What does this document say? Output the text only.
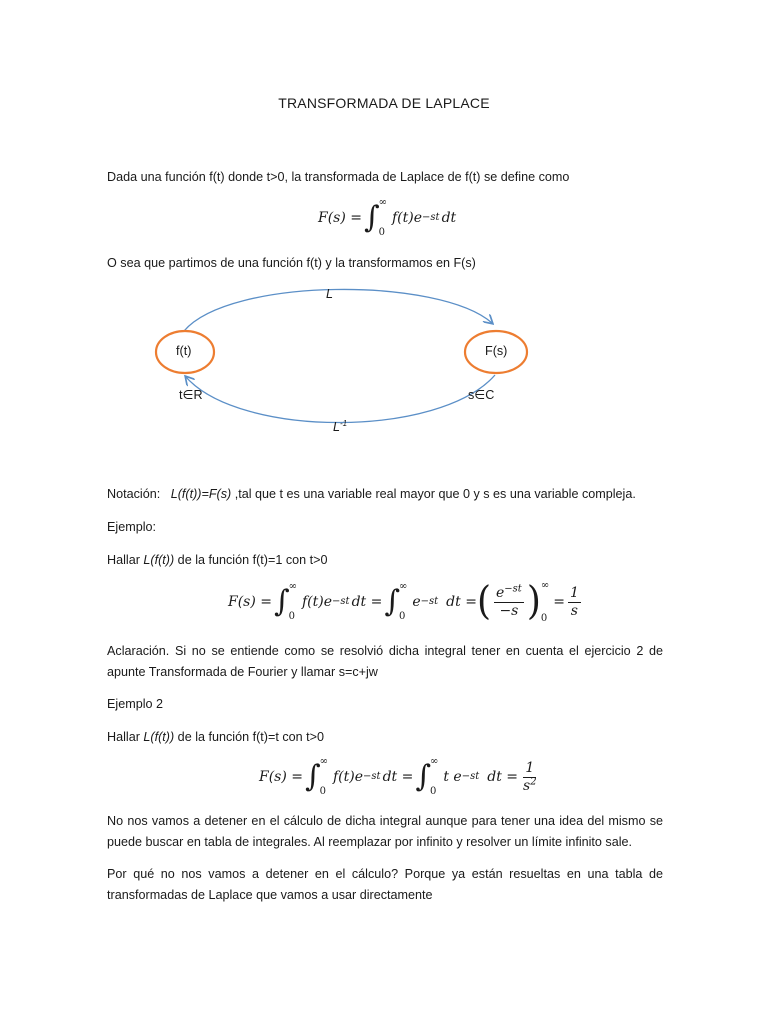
TRANSFORMADA DE LAPLACE
Dada una función f(t) donde t>0, la transformada de Laplace de f(t) se define como
F(s) = ∫ ∞
0
f(t)e −st dt
O sea que partimos de una función f(t) y la transformamos en F(s)
f(t)	F(s)
L
$L^{-1}$
t∈R	s∈C
Notación: L(f(t))=F(s) ,tal que t es una variable real mayor que 0 y s es una variable compleja.
Ejemplo:
Hallar L(f(t)) de la función f(t)=1 con t>0
F(s) = ∫ ∞
0
f(t)e −st dt = ∫ ∞
0
e −st dt = ( $\frac{e^{-st}}{-s}$ ) ∞
0
= $\frac{1}{s}$
Aclaración. Si no se entiende como se resolvió dicha integral tener en cuenta el ejercicio 2 de apunte Transformada de Fourier y llamar s=c+jw
Ejemplo 2
Hallar L(f(t)) de la función f(t)=t con t>0
F(s) = ∫ ∞
0
f(t)e −st dt = ∫ ∞
0
t e −st dt = $\frac{1}{s^2}$
No nos vamos a detener en el cálculo de dicha integral aunque para tener una idea del mismo se puede buscar en tabla de integrales. Al reemplazar por infinito y resolver un límite infinito sale.
Por qué no nos vamos a detener en el cálculo? Porque ya están resueltas en una tabla de transformadas de Laplace que vamos a usar directamente
